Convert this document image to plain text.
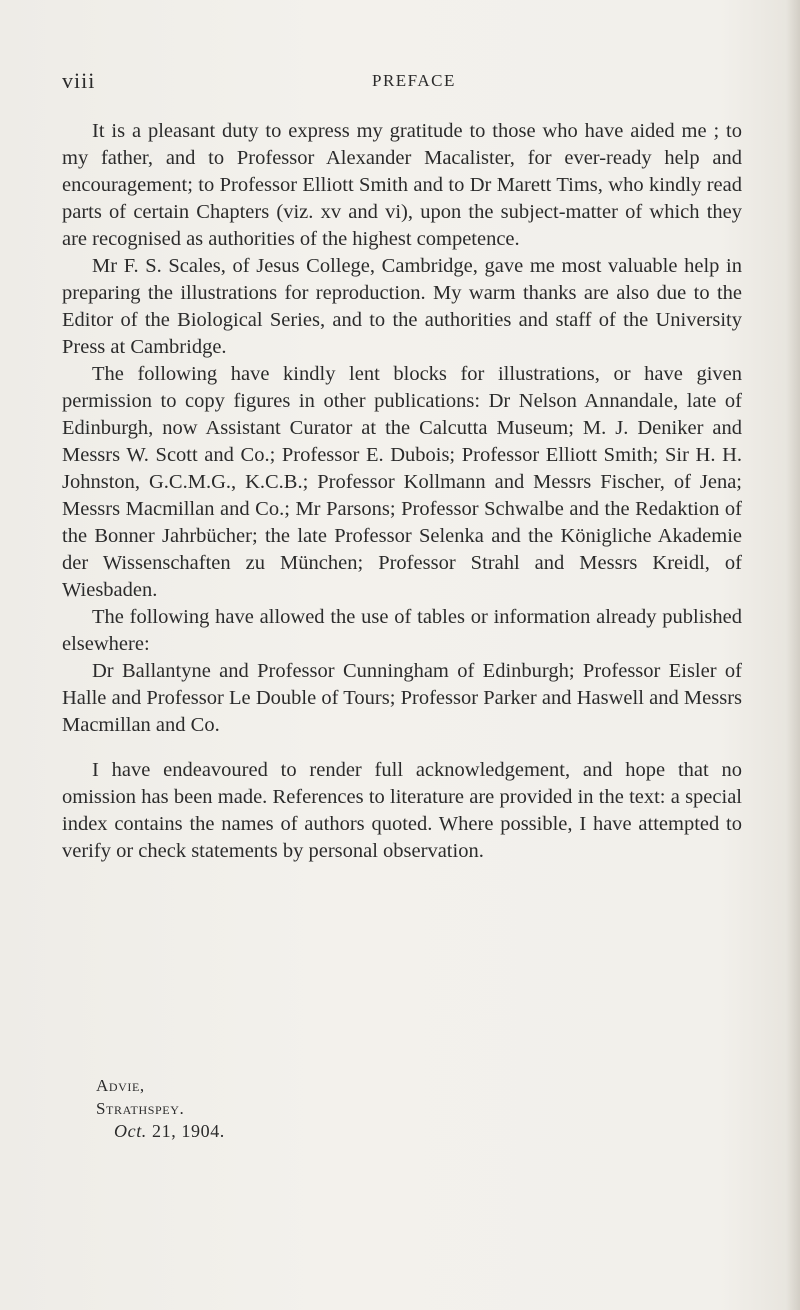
viii	PREFACE

It is a pleasant duty to express my gratitude to those who have aided me ; to my father, and to Professor Alexander Macalister, for ever-ready help and encouragement; to Professor Elliott Smith and to Dr Marett Tims, who kindly read parts of certain Chapters (viz. xv and vi), upon the subject-matter of which they are recognised as authorities of the highest competence.

Mr F. S. Scales, of Jesus College, Cambridge, gave me most valuable help in preparing the illustrations for reproduction. My warm thanks are also due to the Editor of the Biological Series, and to the authorities and staff of the University Press at Cambridge.

The following have kindly lent blocks for illustrations, or have given permission to copy figures in other publications: Dr Nelson Annandale, late of Edinburgh, now Assistant Curator at the Calcutta Museum; M. J. Deniker and Messrs W. Scott and Co.; Professor E. Dubois; Professor Elliott Smith; Sir H. H. Johnston, G.C.M.G., K.C.B.; Professor Kollmann and Messrs Fischer, of Jena; Messrs Macmillan and Co.; Mr Parsons; Professor Schwalbe and the Redaktion of the Bonner Jahrbücher; the late Professor Selenka and the Königliche Akademie der Wissenschaften zu München; Professor Strahl and Messrs Kreidl, of Wiesbaden.

The following have allowed the use of tables or information already published elsewhere:

Dr Ballantyne and Professor Cunningham of Edinburgh; Professor Eisler of Halle and Professor Le Double of Tours; Professor Parker and Haswell and Messrs Macmillan and Co.

I have endeavoured to render full acknowledgement, and hope that no omission has been made. References to literature are provided in the text: a special index contains the names of authors quoted. Where possible, I have attempted to verify or check statements by personal observation.

Advie,
Strathspey.
Oct. 21, 1904.
